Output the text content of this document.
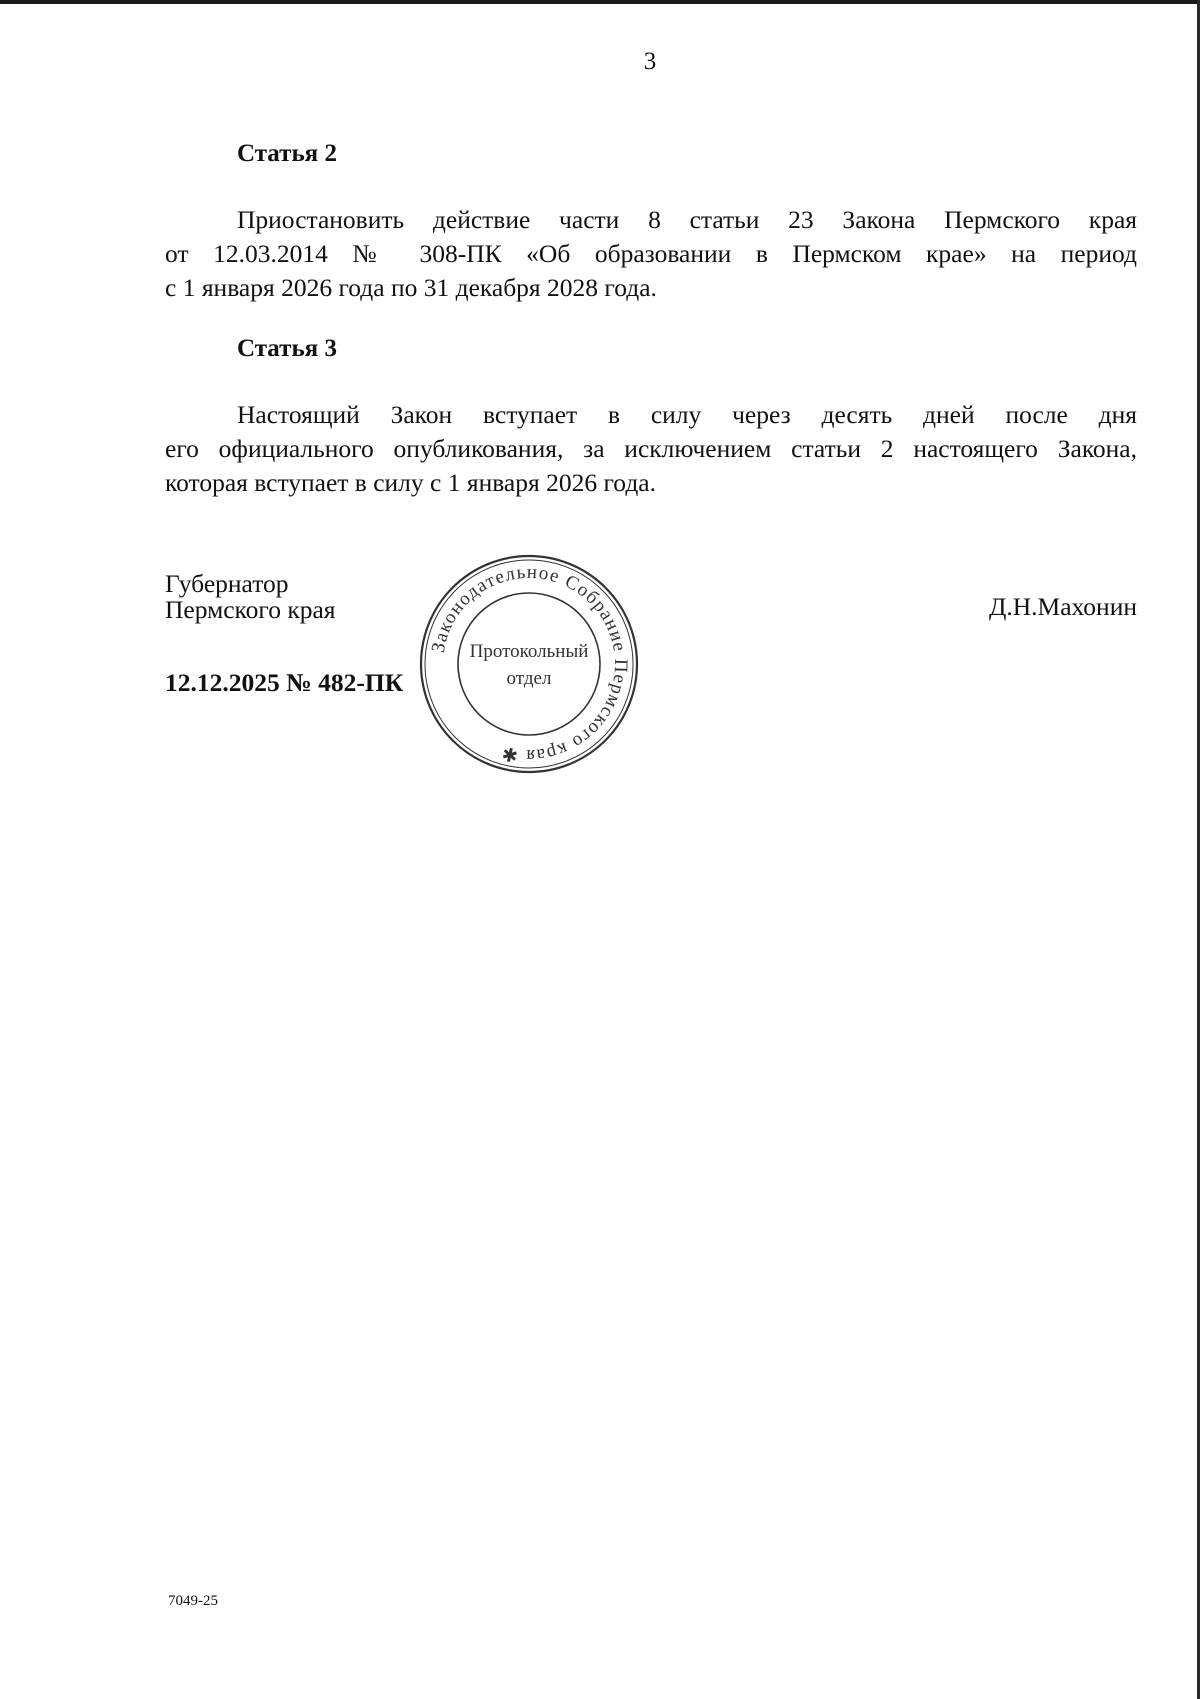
3
Статья 2
Приостановить действие части 8 статьи 23 Закона Пермского края
от 12.03.2014 № 308-ПК «Об образовании в Пермском крае» на период
с 1 января 2026 года по 31 декабря 2028 года.
Статья 3
Настоящий Закон вступает в силу через десять дней после дня
его официального опубликования, за исключением статьи 2 настоящего Закона,
которая вступает в силу с 1 января 2026 года.
Губернатор
Пермского края	Д.Н.Махонин
12.12.2025 № 482-ПК
Законодательное Собрание Пермского края ✱
Протокольный
отдел
7049-25
